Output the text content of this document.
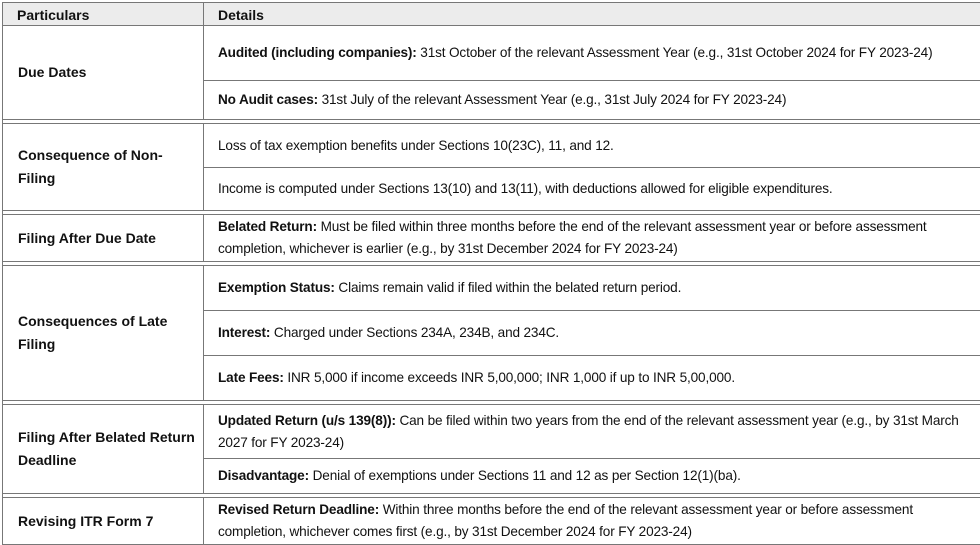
Particulars	Details
Due Dates
Audited (including companies): 31st October of the relevant Assessment Year (e.g., 31st October 2024 for FY 2023-24)
No Audit cases: 31st July of the relevant Assessment Year (e.g., 31st July 2024 for FY 2023-24)
Consequence of Non-Filing
Loss of tax exemption benefits under Sections 10(23C), 11, and 12.
Income is computed under Sections 13(10) and 13(11), with deductions allowed for eligible expenditures.
Filing After Due Date
Belated Return: Must be filed within three months before the end of the relevant assessment year or before assessment completion, whichever is earlier (e.g., by 31st December 2024 for FY 2023-24)
Consequences of Late Filing
Exemption Status: Claims remain valid if filed within the belated return period.
Interest: Charged under Sections 234A, 234B, and 234C.
Late Fees: INR 5,000 if income exceeds INR 5,00,000; INR 1,000 if up to INR 5,00,000.
Filing After Belated Return Deadline
Updated Return (u/s 139(8)): Can be filed within two years from the end of the relevant assessment year (e.g., by 31st March 2027 for FY 2023-24)
Disadvantage: Denial of exemptions under Sections 11 and 12 as per Section 12(1)(ba).
Revising ITR Form 7
Revised Return Deadline: Within three months before the end of the relevant assessment year or before assessment completion, whichever comes first (e.g., by 31st December 2024 for FY 2023-24)
